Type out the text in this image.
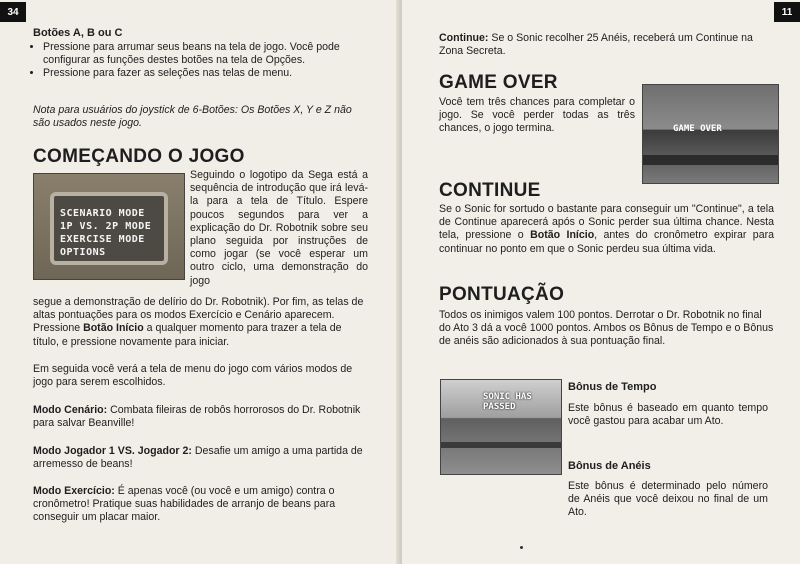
34

Botões A, B ou C

• Pressione para arrumar seus beans na tela de jogo. Você pode configurar as funções destes botões na tela de Opções.
• Pressione para fazer as seleções nas telas de menu.

Nota para usuários do joystick de 6-Botões: Os Botões X, Y e Z não são usados neste jogo.

COMEÇANDO O JOGO

SCENARIO MODE
1P VS. 2P MODE
EXERCISE MODE
OPTIONS

Seguindo o logotipo da Sega está a sequência de introdução que irá levá-la para a tela de Título. Espere poucos segundos para ver a explicação do Dr. Robotnik sobre seu plano seguida por instruções de como jogar (se você esperar um outro ciclo, uma demonstração do jogo

segue a demonstração de delírio do Dr. Robotnik). Por fim, as telas de altas pontuações para os modos Exercício e Cenário aparecem. Pressione Botão Início a qualquer momento para trazer a tela de título, e pressione novamente para iniciar.

Em seguida você verá a tela de menu do jogo com vários modos de jogo para serem escolhidos.

Modo Cenário: Combata fileiras de robôs horrorosos do Dr. Robotnik para salvar Beanville!

Modo Jogador 1 VS. Jogador 2: Desafie um amigo a uma partida de arremesso de beans!

Modo Exercício: É apenas você (ou você e um amigo) contra o cronômetro! Pratique suas habilidades de arranjo de beans para conseguir um placar maior.

11

Continue: Se o Sonic recolher 25 Anéis, receberá um Continue na Zona Secreta.

GAME OVER

Você tem três chances para completar o jogo. Se você perder todas as três chances, o jogo termina.	GAME OVER

CONTINUE

Se o Sonic for sortudo o bastante para conseguir um "Continue", a tela de Continue aparecerá após o Sonic perder sua última chance. Nesta tela, pressione o Botão Início, antes do cronômetro expirar para continuar no ponto em que o Sonic perdeu sua última vida.

PONTUAÇÃO

Todos os inimigos valem 100 pontos. Derrotar o Dr. Robotnik no final do Ato 3 dá a você 1000 pontos. Ambos os Bônus de Tempo e o Bônus de anéis são adicionados à sua pontuação final.

SONIC HAS PASSED

Bônus de Tempo

Este bônus é baseado em quanto tempo você gastou para acabar um Ato.

Bônus de Anéis

Este bônus é determinado pelo número de Anéis que você deixou no final de um Ato.
